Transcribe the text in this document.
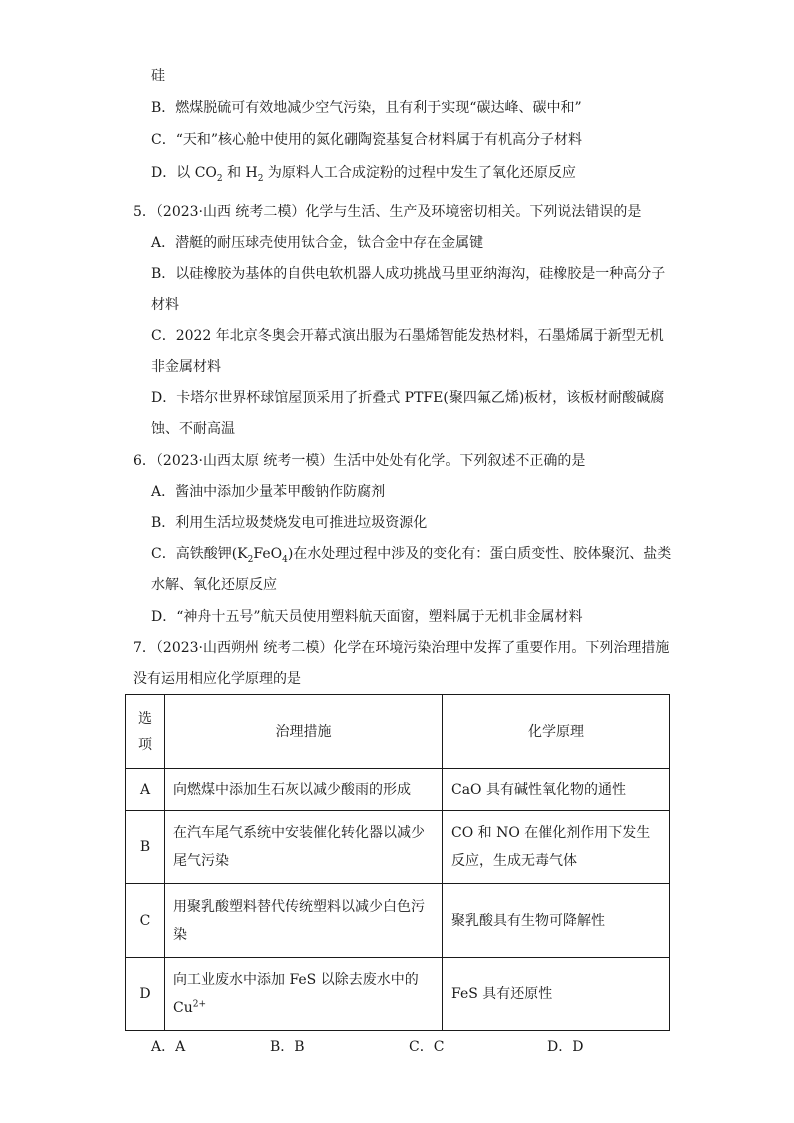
硅
B．燃煤脱硫可有效地减少空气污染，且有利于实现“碳达峰、碳中和”
C．“天和”核心舱中使用的氮化硼陶瓷基复合材料属于有机高分子材料
D．以 $CO_2$ 和 $H_2$ 为原料人工合成淀粉的过程中发生了氧化还原反应
5．（2023·山西 统考二模）化学与生活、生产及环境密切相关。下列说法错误的是
A．潜艇的耐压球壳使用钛合金，钛合金中存在金属键
B．以硅橡胶为基体的自供电软机器人成功挑战马里亚纳海沟，硅橡胶是一种高分子
材料
C．2022 年北京冬奥会开幕式演出服为石墨烯智能发热材料，石墨烯属于新型无机
非金属材料
D．卡塔尔世界杯球馆屋顶采用了折叠式 PTFE(聚四氟乙烯)板材，该板材耐酸碱腐
蚀、不耐高温
6．（2023·山西太原 统考一模）生活中处处有化学。下列叙述不正确的是
A．酱油中添加少量苯甲酸钠作防腐剂
B．利用生活垃圾焚烧发电可推进垃圾资源化
C．高铁酸钾$(K_2FeO_4)$在水处理过程中涉及的变化有：蛋白质变性、胶体聚沉、盐类
水解、氧化还原反应
D．“神舟十五号”航天员使用塑料航天面窗，塑料属于无机非金属材料
7．（2023·山西朔州 统考二模）化学在环境污染治理中发挥了重要作用。下列治理措施
没有运用相应化学原理的是
选项	治理措施	化学原理
A	向燃煤中添加生石灰以减少酸雨的形成	CaO 具有碱性氧化物的通性
B	在汽车尾气系统中安装催化转化器以减少尾气污染	CO 和 NO 在催化剂作用下发生反应，生成无毒气体
C	用聚乳酸塑料替代传统塑料以减少白色污染	聚乳酸具有生物可降解性
D	向工业废水中添加 FeS 以除去废水中的 $Cu^{2+}$	FeS 具有还原性
A．A	B．B	C．C	D．D
